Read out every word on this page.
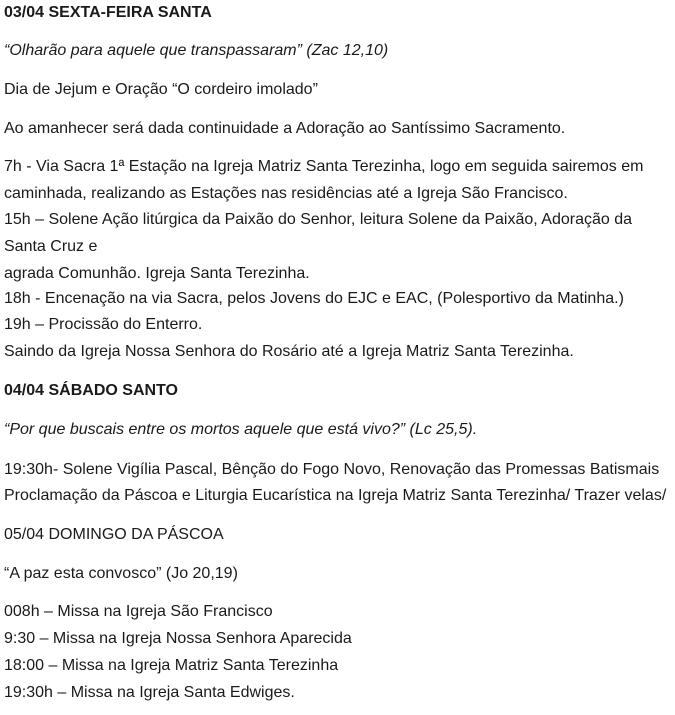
03/04 SEXTA-FEIRA SANTA
“Olharão para aquele que transpassaram” (Zac 12,10)
Dia de Jejum e Oração “O cordeiro imolado”
Ao amanhecer será dada continuidade a Adoração ao Santíssimo Sacramento.
7h - Via Sacra 1ª Estação na Igreja Matriz Santa Terezinha, logo em seguida sairemos em
caminhada, realizando as Estações nas residências até a Igreja São Francisco.
15h – Solene Ação litúrgica da Paixão do Senhor, leitura Solene da Paixão, Adoração da
Santa Cruz e
agrada Comunhão. Igreja Santa Terezinha.
18h - Encenação na via Sacra, pelos Jovens do EJC e EAC, (Polesportivo da Matinha.)
19h – Procissão do Enterro.
Saindo da Igreja Nossa Senhora do Rosário até a Igreja Matriz Santa Terezinha.
04/04 SÁBADO SANTO
“Por que buscais entre os mortos aquele que está vivo?” (Lc 25,5).
19:30h- Solene Vigília Pascal, Bênção do Fogo Novo, Renovação das Promessas Batismais
Proclamação da Páscoa e Liturgia Eucarística na Igreja Matriz Santa Terezinha/ Trazer velas/
05/04 DOMINGO DA PÁSCOA
“A paz esta convosco” (Jo 20,19)
008h – Missa na Igreja São Francisco
9:30 – Missa na Igreja Nossa Senhora Aparecida
18:00 – Missa na Igreja Matriz Santa Terezinha
19:30h – Missa na Igreja Santa Edwiges.
